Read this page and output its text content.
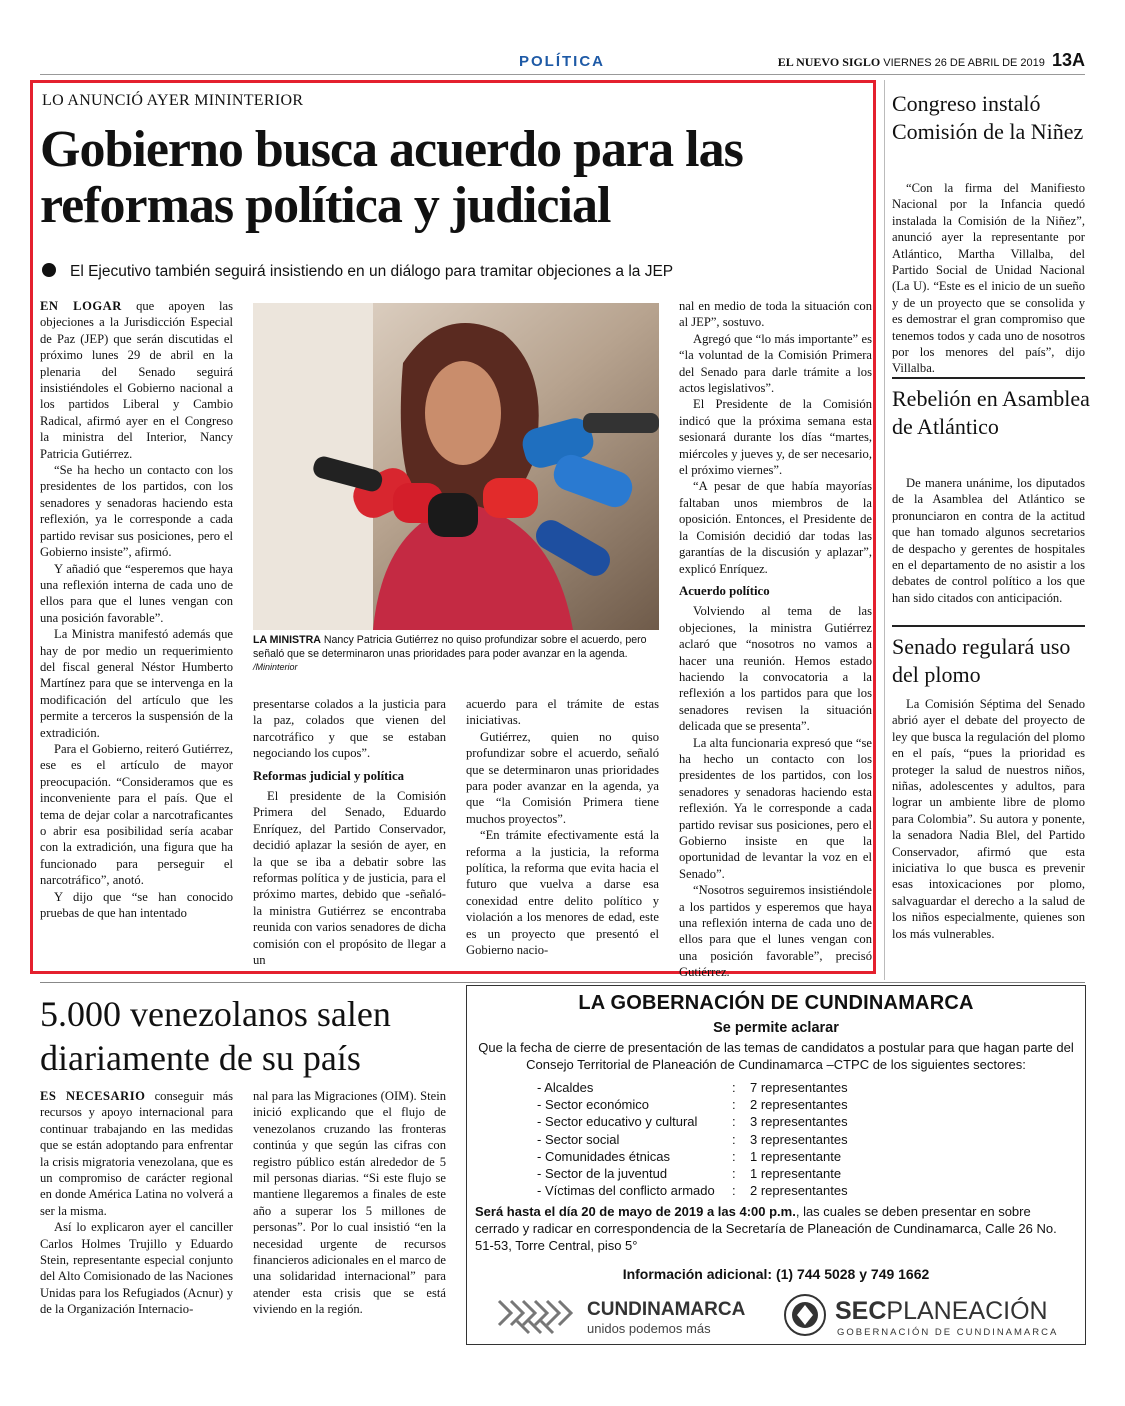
POLÍTICA	EL NUEVO SIGLO VIERNES 26 DE ABRIL DE 2019 13A
LO ANUNCIÓ AYER MININTERIOR
Gobierno busca acuerdo para las reformas política y judicial
El Ejecutivo también seguirá insistiendo en un diálogo para tramitar objeciones a la JEP

EN LOGAR que apoyen las objeciones a la Jurisdicción Especial de Paz (JEP) que serán discutidas el próximo lunes 29 de abril en la plenaria del Senado seguirá insistiéndoles el Gobierno nacional a los partidos Liberal y Cambio Radical, afirmó ayer en el Congreso la ministra del Interior, Nancy Patricia Gutiérrez.

“Se ha hecho un contacto con los presidentes de los partidos, con los senadores y senadoras haciendo esta reflexión, ya le corresponde a cada partido revisar sus posiciones, pero el Gobierno insiste”, afirmó.

Y añadió que “esperemos que haya una reflexión interna de cada uno de ellos para que el lunes vengan con una posición favorable”.

La Ministra manifestó además que hay de por medio un requerimiento del fiscal general Néstor Humberto Martínez para que se intervenga en la modificación del artículo que les permite a terceros la suspensión de la extradición.

Para el Gobierno, reiteró Gutiérrez, ese es el artículo de mayor preocupación. “Consideramos que es inconveniente para el país. Que el tema de dejar colar a narcotraficantes o abrir esa posibilidad sería acabar con la extradición, una figura que ha funcionado para perseguir el narcotráfico”, anotó.

Y dijo que “se han conocido pruebas de que han intentado

LA MINISTRA Nancy Patricia Gutiérrez no quiso profundizar sobre el acuerdo, pero señaló que se determinaron unas prioridades para poder avanzar en la agenda. /Mininterior

presentarse colados a la justicia para la paz, colados que vienen del narcotráfico y que se estaban negociando los cupos”.

Reformas judicial y política

El presidente de la Comisión Primera del Senado, Eduardo Enríquez, del Partido Conservador, decidió aplazar la sesión de ayer, en la que se iba a debatir sobre las reformas política y de justicia, para el próximo martes, debido que -señaló- la ministra Gutiérrez se encontraba reunida con varios senadores de dicha comisión con el propósito de llegar a un

acuerdo para el trámite de estas iniciativas.

Gutiérrez, quien no quiso profundizar sobre el acuerdo, señaló que se determinaron unas prioridades para poder avanzar en la agenda, ya que “la Comisión Primera tiene muchos proyectos”.

“En trámite efectivamente está la reforma a la justicia, la reforma política, la reforma que evita hacia el futuro que vuelva a darse esa conexidad entre delito político y violación a los menores de edad, este es un proyecto que presentó el Gobierno nacio-

nal en medio de toda la situación con al JEP”, sostuvo.

Agregó que “lo más importante” es “la voluntad de la Comisión Primera del Senado para darle trámite a los actos legislativos”.

El Presidente de la Comisión indicó que la próxima semana esta sesionará durante los días “martes, miércoles y jueves y, de ser necesario, el próximo viernes”.

“A pesar de que había mayorías faltaban unos miembros de la oposición. Entonces, el Presidente de la Comisión decidió dar todas las garantías de la discusión y aplazar”, explicó Enríquez.

Acuerdo político

Volviendo al tema de las objeciones, la ministra Gutiérrez aclaró que “nosotros no vamos a hacer una reunión. Hemos estado haciendo la convocatoria a la reflexión a los partidos para que los senadores revisen la situación delicada que se presenta”.

La alta funcionaria expresó que “se ha hecho un contacto con los presidentes de los partidos, con los senadores y senadoras haciendo esta reflexión. Ya le corresponde a cada partido revisar sus posiciones, pero el Gobierno insiste en que la oportunidad de levantar la voz en el Senado”.

“Nosotros seguiremos insistiéndole a los partidos y esperemos que haya una reflexión interna de cada uno de ellos para que el lunes vengan con una posición favorable”, precisó Gutiérrez.

Congreso instaló Comisión de la Niñez

“Con la firma del Manifiesto Nacional por la Infancia quedó instalada la Comisión de la Niñez”, anunció ayer la representante por Atlántico, Martha Villalba, del Partido Social de Unidad Nacional (La U). “Este es el inicio de un sueño y de un proyecto que se consolida y es demostrar el gran compromiso que tenemos todos y cada uno de nosotros por los menores del país”, dijo Villalba.

Rebelión en Asamblea de Atlántico

De manera unánime, los diputados de la Asamblea del Atlántico se pronunciaron en contra de la actitud que han tomado algunos secretarios de despacho y gerentes de hospitales en el departamento de no asistir a los debates de control político a los que han sido citados con anticipación.

Senado regulará uso del plomo

La Comisión Séptima del Senado abrió ayer el debate del proyecto de ley que busca la regulación del plomo en el país, “pues la prioridad es proteger la salud de nuestros niños, niñas, adolescentes y adultos, para lograr un ambiente libre de plomo para Colombia”. Su autora y ponente, la senadora Nadia Blel, del Partido Conservador, afirmó que esta iniciativa lo que busca es prevenir esas intoxicaciones por plomo, salvaguardar el derecho a la salud de los niños especialmente, quienes son los más vulnerables.

5.000 venezolanos salen diariamente de su país

ES NECESARIO conseguir más recursos y apoyo internacional para continuar trabajando en las medidas que se están adoptando para enfrentar la crisis migratoria venezolana, que es un compromiso de carácter regional en donde América Latina no volverá a ser la misma.

Así lo explicaron ayer el canciller Carlos Holmes Trujillo y Eduardo Stein, representante especial conjunto del Alto Comisionado de las Naciones Unidas para los Refugiados (Acnur) y de la Organización Internacio-

nal para las Migraciones (OIM). Stein inició explicando que el flujo de venezolanos cruzando las fronteras continúa y que según las cifras con registro público están alrededor de 5 mil personas diarias. “Si este flujo se mantiene llegaremos a finales de este año a superar los 5 millones de personas”. Por lo cual insistió “en la necesidad urgente de recursos financieros adicionales en el marco de una solidaridad internacional” para atender esta crisis que se está viviendo en la región.

LA GOBERNACIÓN DE CUNDINAMARCA
Se permite aclarar
Que la fecha de cierre de presentación de las temas de candidatos a postular para que hagan parte del Consejo Territorial de Planeación de Cundinamarca –CTPC de los siguientes sectores:
- Alcaldes	:	7 representantes
- Sector económico	:	2 representantes
- Sector educativo y cultural	:	3 representantes
- Sector social	:	3 representantes
- Comunidades étnicas	:	1 representante
- Sector de la juventud	:	1 representante
- Víctimas del conflicto armado	:	2 representantes
Será hasta el día 20 de mayo de 2019 a las 4:00 p.m., las cuales se deben presentar en sobre cerrado y radicar en correspondencia de la Secretaría de Planeación de Cundinamarca, Calle 26 No. 51-53, Torre Central, piso 5°
Información adicional: (1) 744 5028 y 749 1662
CUNDINAMARCA
unidos podemos más
SECPLANEACIÓN
GOBERNACIÓN DE CUNDINAMARCA
